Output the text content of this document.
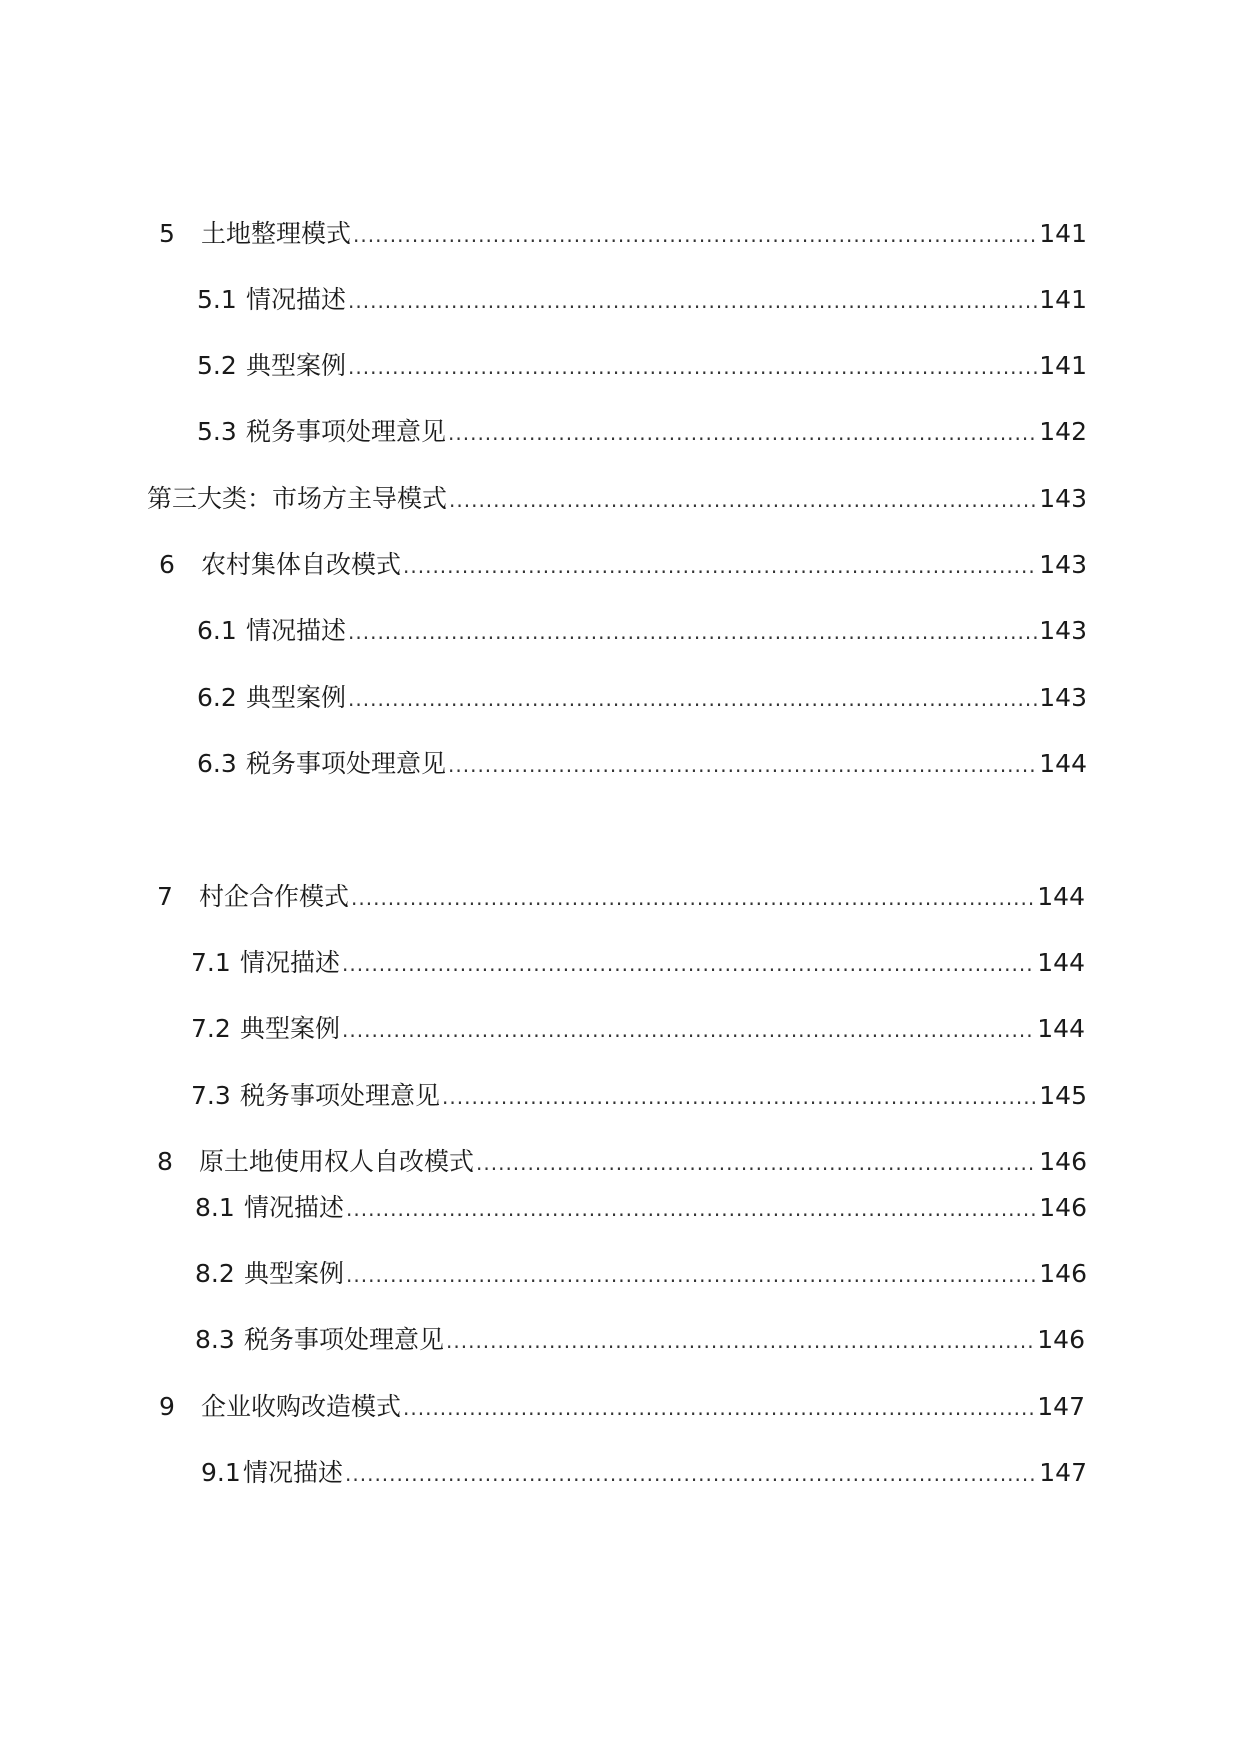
5	土地整理模式 .....	141
5.1 情况描述 .....	141
5.2 典型案例 .....	141
5.3 税务事项处理意见 .....	142
第三大类：市场方主导模式 .....	143
6	农村集体自改模式 .....	143
6.1 情况描述 .....	143
6.2 典型案例 .....	143
6.3 税务事项处理意见 .....	144
7	村企合作模式 .....	144
7.1 情况描述 .....	144
7.2 典型案例 .....	144
7.3 税务事项处理意见 .....	145
8	原土地使用权人自改模式 .....	146
8.1 情况描述 .....	146
8.2 典型案例 .....	146
8.3 税务事项处理意见 .....	146
9	企业收购改造模式 .....	147
9.1 情况描述 .....	147
